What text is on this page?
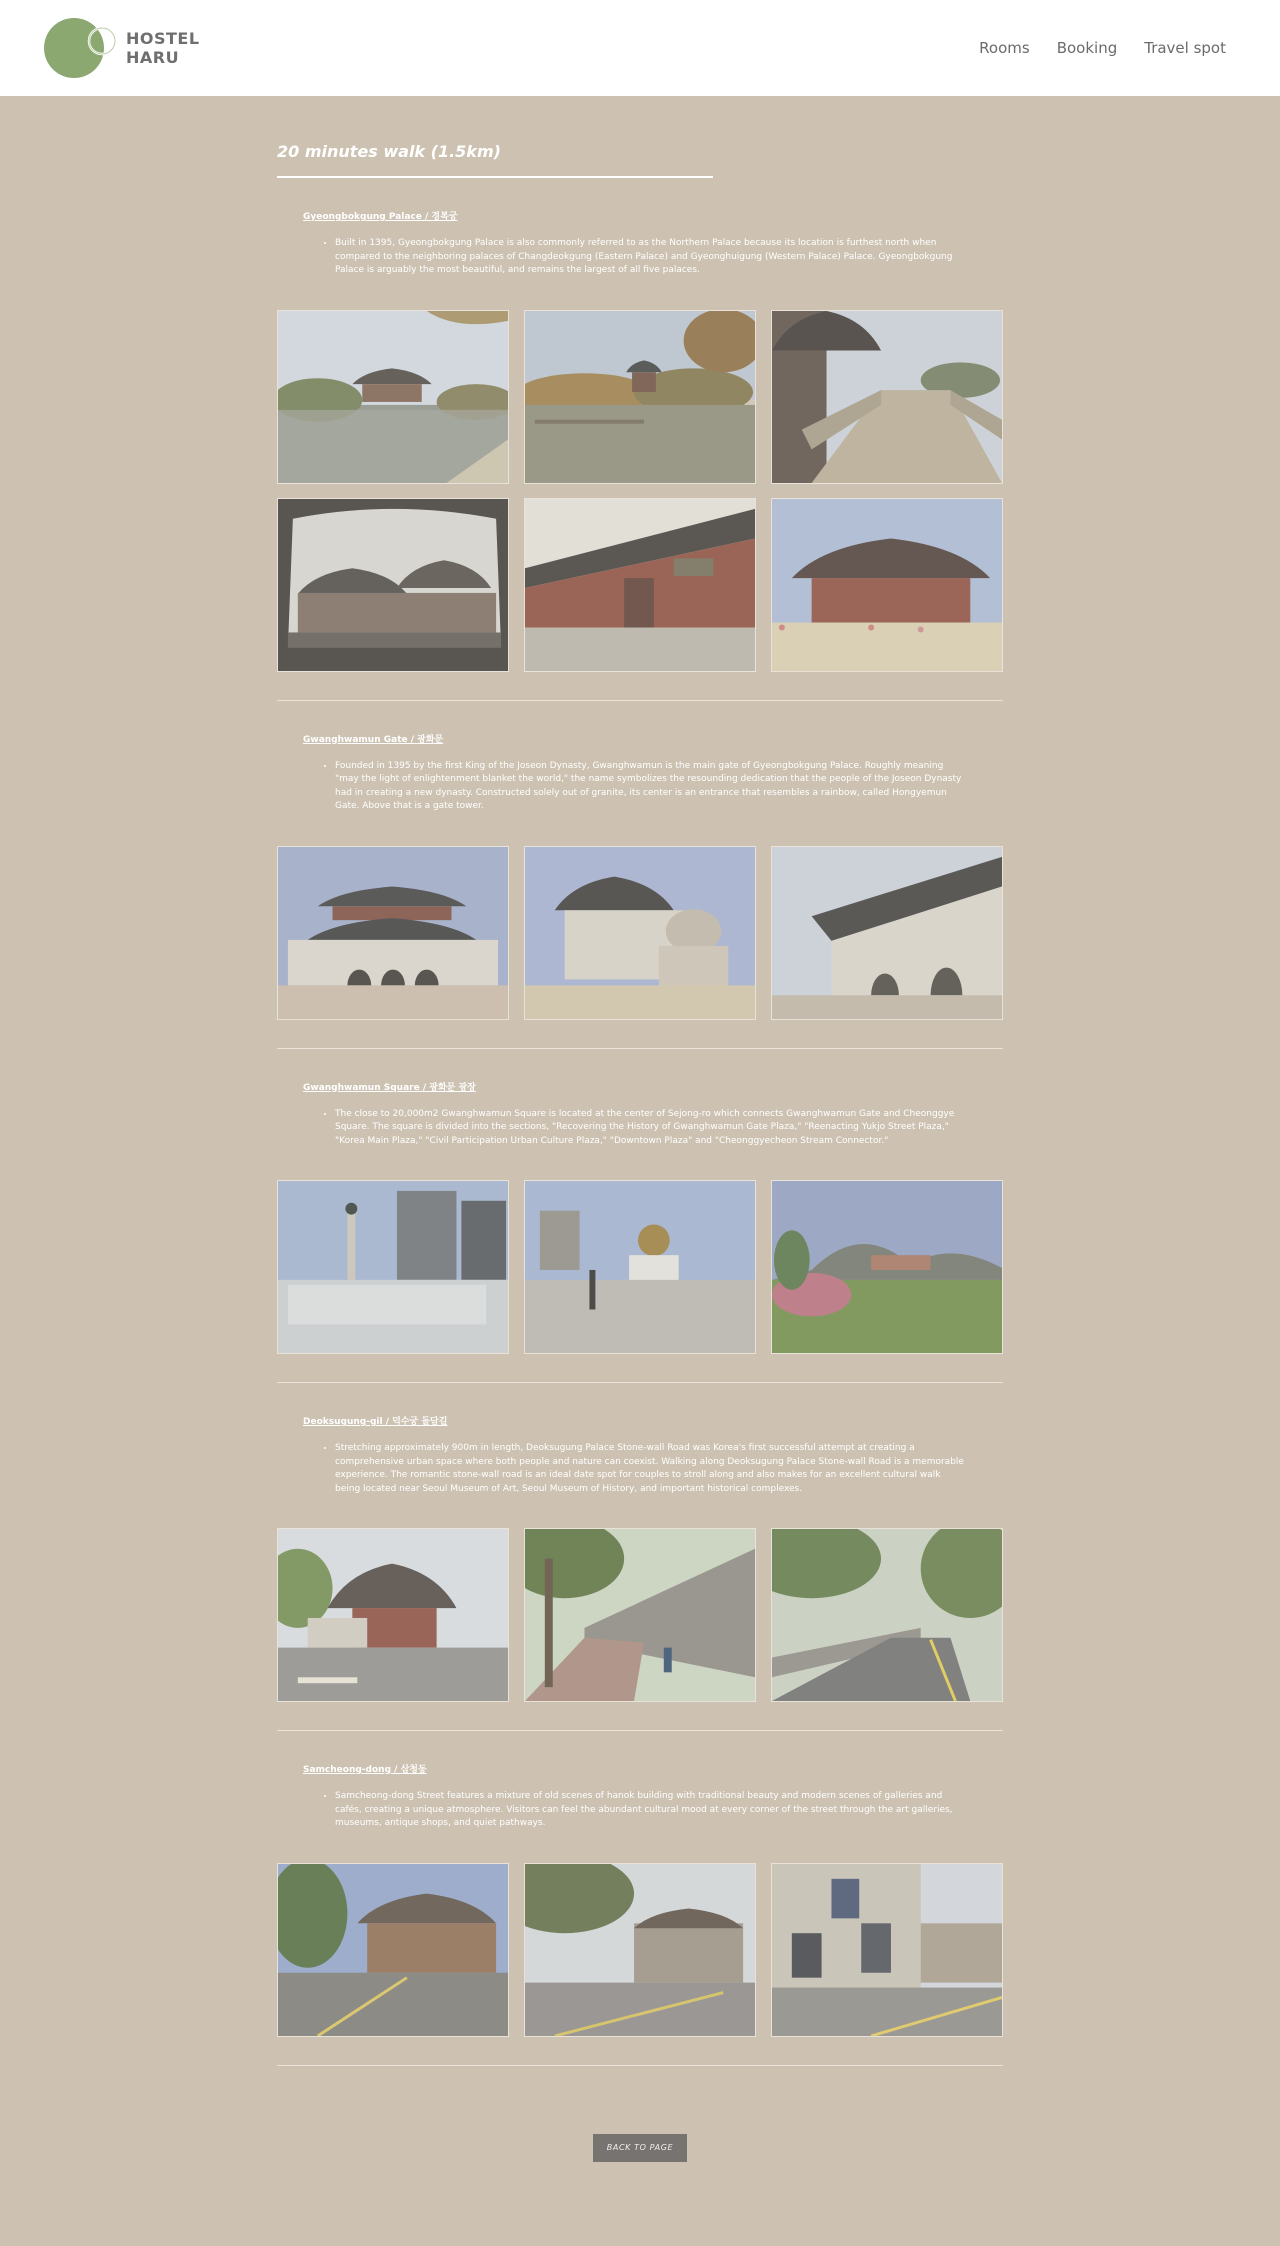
HOSTEL
HARU	Rooms Booking Travel spot
20 minutes walk (1.5km)
Gyeongbokgung Palace / 경복궁
• Built in 1395, Gyeongbokgung Palace is also commonly referred to as the Northern Palace because its location is furthest north when compared to the neighboring palaces of Changdeokgung (Eastern Palace) and Gyeonghuigung (Western Palace) Palace. Gyeongbokgung Palace is arguably the most beautiful, and remains the largest of all five palaces.
Gwanghwamun Gate / 광화문
• Founded in 1395 by the first King of the Joseon Dynasty, Gwanghwamun is the main gate of Gyeongbokgung Palace. Roughly meaning "may the light of enlightenment blanket the world," the name symbolizes the resounding dedication that the people of the Joseon Dynasty had in creating a new dynasty. Constructed solely out of granite, its center is an entrance that resembles a rainbow, called Hongyemun Gate. Above that is a gate tower.
Gwanghwamun Square / 광화문 광장
• The close to 20,000m2 Gwanghwamun Square is located at the center of Sejong-ro which connects Gwanghwamun Gate and Cheonggye Square. The square is divided into the sections, "Recovering the History of Gwanghwamun Gate Plaza," "Reenacting Yukjo Street Plaza," "Korea Main Plaza," "Civil Participation Urban Culture Plaza," "Downtown Plaza" and "Cheonggyecheon Stream Connector."
Deoksugung-gil / 덕수궁 돌담길
• Stretching approximately 900m in length, Deoksugung Palace Stone-wall Road was Korea's first successful attempt at creating a comprehensive urban space where both people and nature can coexist. Walking along Deoksugung Palace Stone-wall Road is a memorable experience. The romantic stone-wall road is an ideal date spot for couples to stroll along and also makes for an excellent cultural walk being located near Seoul Museum of Art, Seoul Museum of History, and important historical complexes.
Samcheong-dong / 삼청동
• Samcheong-dong Street features a mixture of old scenes of hanok building with traditional beauty and modern scenes of galleries and cafés, creating a unique atmosphere. Visitors can feel the abundant cultural mood at every corner of the street through the art galleries, museums, antique shops, and quiet pathways.
BACK TO PAGE
